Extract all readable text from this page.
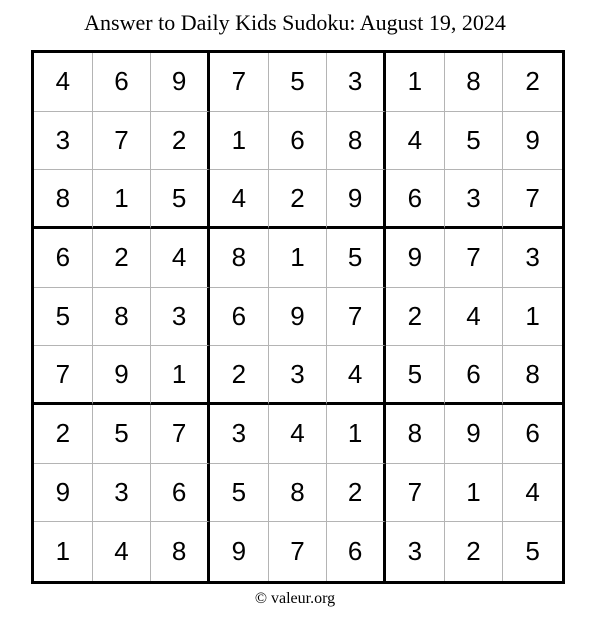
Answer to Daily Kids Sudoku: August 19, 2024
4	6	9	7	5	3	1	8	2
3	7	2	1	6	8	4	5	9
8	1	5	4	2	9	6	3	7
6	2	4	8	1	5	9	7	3
5	8	3	6	9	7	2	4	1
7	9	1	2	3	4	5	6	8
2	5	7	3	4	1	8	9	6
9	3	6	5	8	2	7	1	4
1	4	8	9	7	6	3	2	5
© valeur.org
